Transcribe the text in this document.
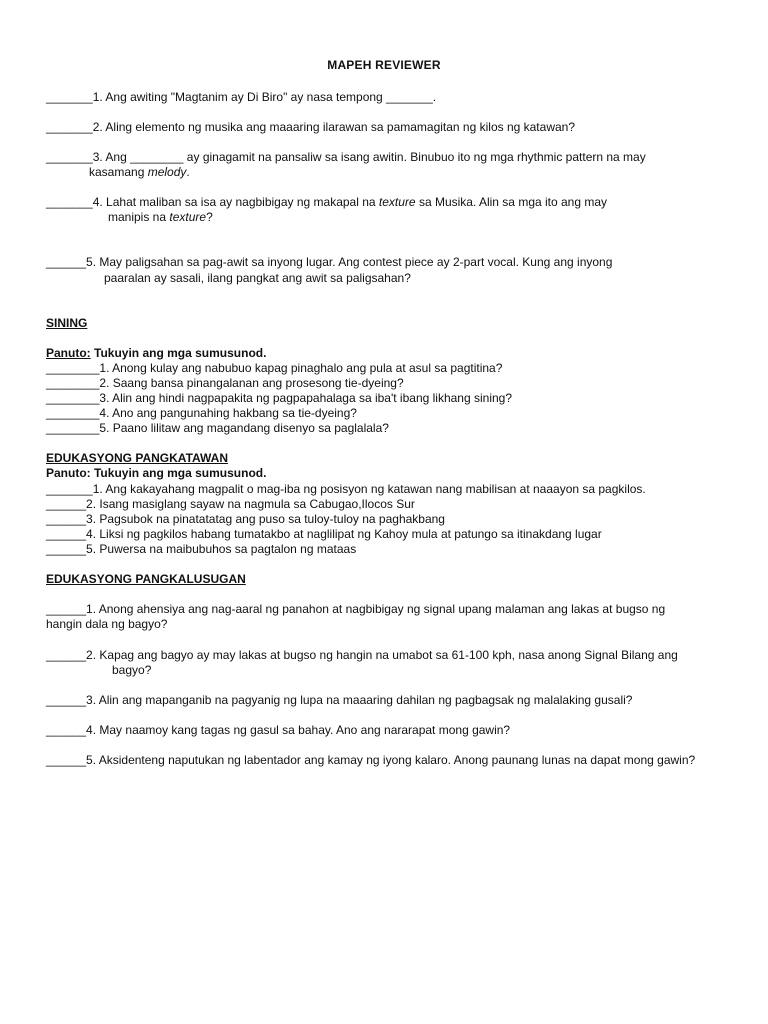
MAPEH REVIEWER
_______1. Ang awiting "Magtanim ay Di Biro" ay nasa tempong _______.
_______2. Aling elemento ng musika ang maaaring ilarawan sa pamamagitan ng kilos ng katawan?
_______3. Ang ________ ay ginagamit na pansaliw sa isang awitin. Binubuo ito ng mga rhythmic pattern na may
kasamang melody.
_______4. Lahat maliban sa isa ay nagbibigay ng makapal na texture sa Musika. Alin sa mga ito ang may
manipis na texture?
______5. May paligsahan sa pag-awit sa inyong lugar. Ang contest piece ay 2-part vocal. Kung ang inyong
paaralan ay sasali, ilang pangkat ang awit sa paligsahan?
SINING
Panuto: Tukuyin ang mga sumusunod.
________1. Anong kulay ang nabubuo kapag pinaghalo ang pula at asul sa pagtitina?
________2. Saang bansa pinangalanan ang prosesong tie-dyeing?
________3. Alin ang hindi nagpapakita ng pagpapahalaga sa iba't ibang likhang sining?
________4. Ano ang pangunahing hakbang sa tie-dyeing?
________5. Paano lilitaw ang magandang disenyo sa paglalala?
EDUKASYONG PANGKATAWAN
Panuto: Tukuyin ang mga sumusunod.
_______1. Ang kakayahang magpalit o mag-iba ng posisyon ng katawan nang mabilisan at naaayon sa pagkilos.
______2. Isang masiglang sayaw na nagmula sa Cabugao,Ilocos Sur
______3. Pagsubok na pinatatatag ang puso sa tuloy-tuloy na paghakbang
______4. Liksi ng pagkilos habang tumatakbo at naglilipat ng Kahoy mula at patungo sa itinakdang lugar
______5. Puwersa na maibubuhos sa pagtalon ng mataas
EDUKASYONG PANGKALUSUGAN
______1. Anong ahensiya ang nag-aaral ng panahon at nagbibigay ng signal upang malaman ang lakas at bugso ng
hangin dala ng bagyo?
______2. Kapag ang bagyo ay may lakas at bugso ng hangin na umabot sa 61-100 kph, nasa anong Signal Bilang ang
bagyo?
______3. Alin ang mapanganib na pagyanig ng lupa na maaaring dahilan ng pagbagsak ng malalaking gusali?
______4. May naamoy kang tagas ng gasul sa bahay. Ano ang nararapat mong gawin?
______5. Aksidenteng naputukan ng labentador ang kamay ng iyong kalaro. Anong paunang lunas na dapat mong gawin?
